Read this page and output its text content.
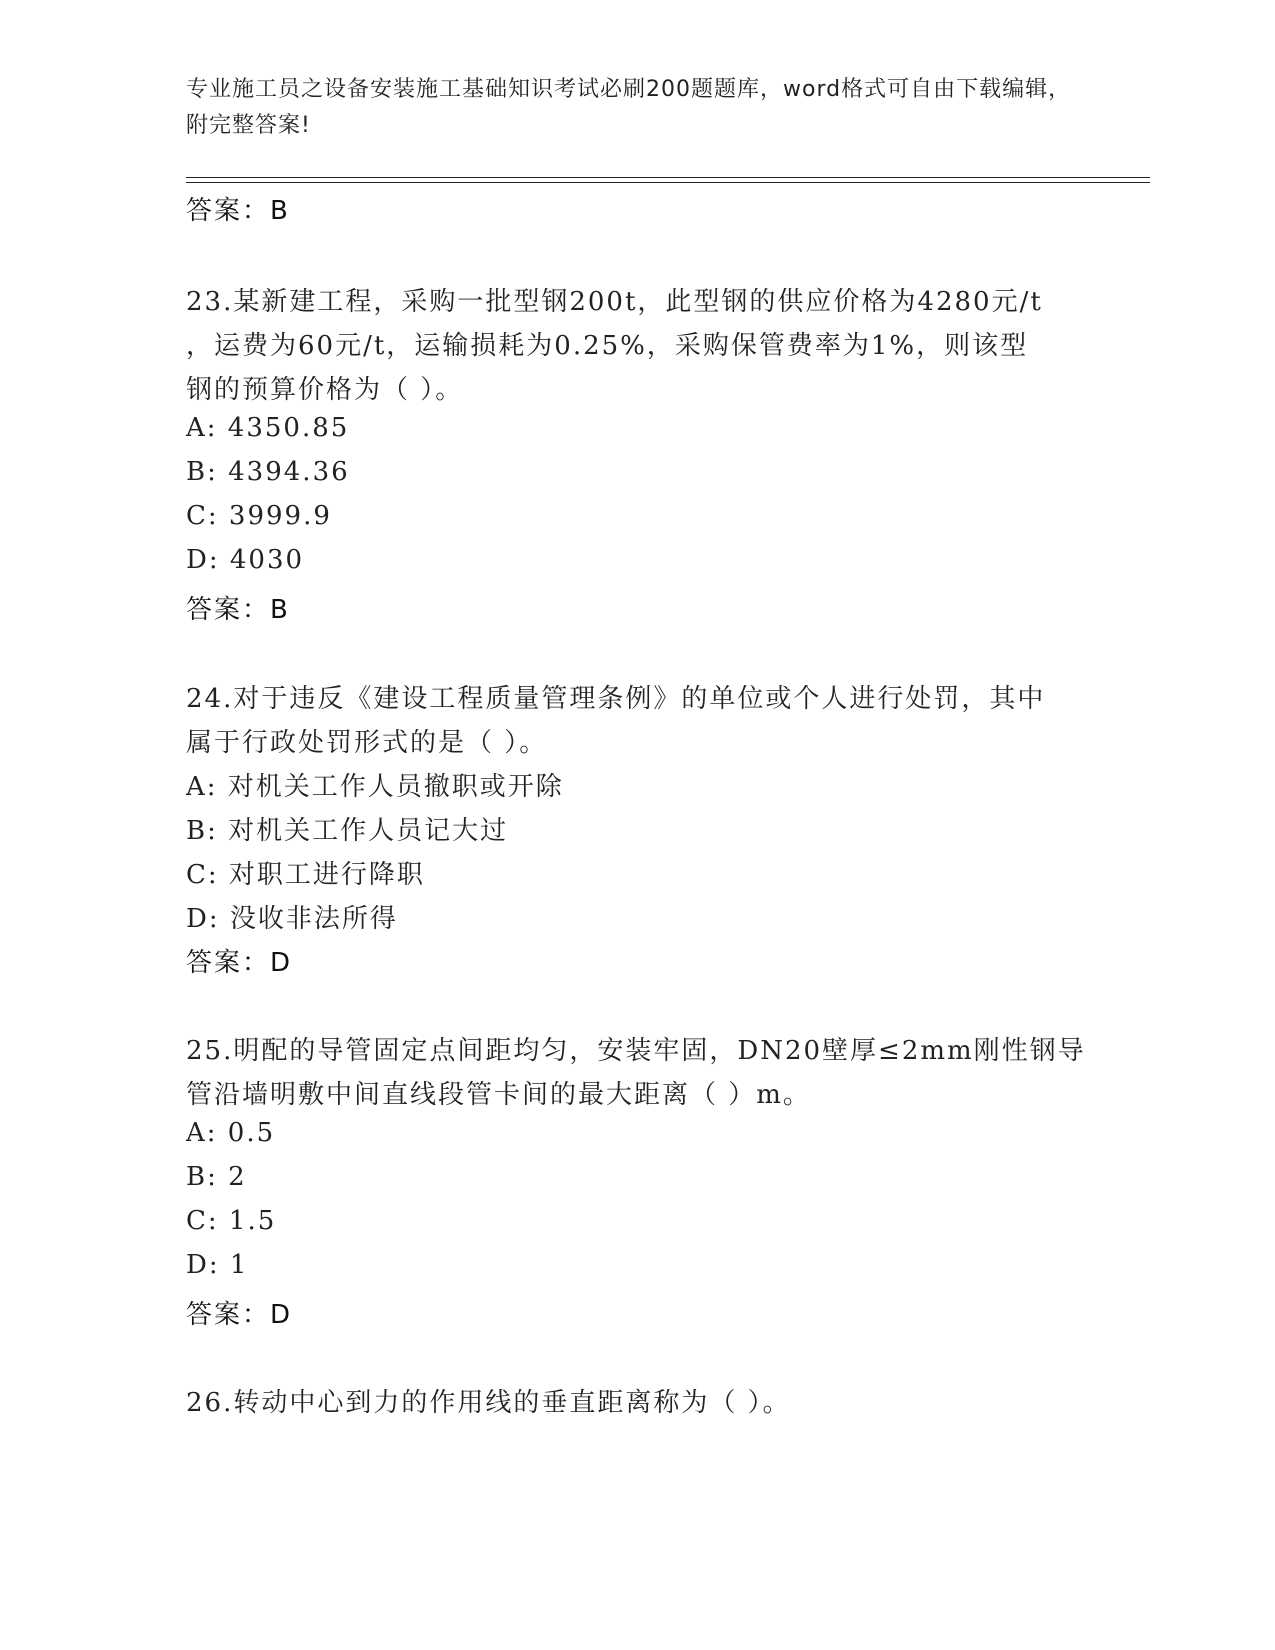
专业施工员之设备安装施工基础知识考试必刷200题题库，word格式可自由下载编辑，附完整答案!
答案：B
23.某新建工程，采购一批型钢200t，此型钢的供应价格为4280元/t
，运费为60元/t，运输损耗为0.25%，采购保管费率为1%，则该型
钢的预算价格为（ ）。
A: 4350.85
B: 4394.36
C: 3999.9
D: 4030
答案：B
24.对于违反《建设工程质量管理条例》的单位或个人进行处罚，其中
属于行政处罚形式的是（ ）。
A: 对机关工作人员撤职或开除
B: 对机关工作人员记大过
C: 对职工进行降职
D: 没收非法所得
答案：D
25.明配的导管固定点间距均匀，安装牢固，DN20壁厚≤2mm刚性钢导
管沿墙明敷中间直线段管卡间的最大距离（ ）m。
A: 0.5
B: 2
C: 1.5
D: 1
答案：D
26.转动中心到力的作用线的垂直距离称为（ ）。
